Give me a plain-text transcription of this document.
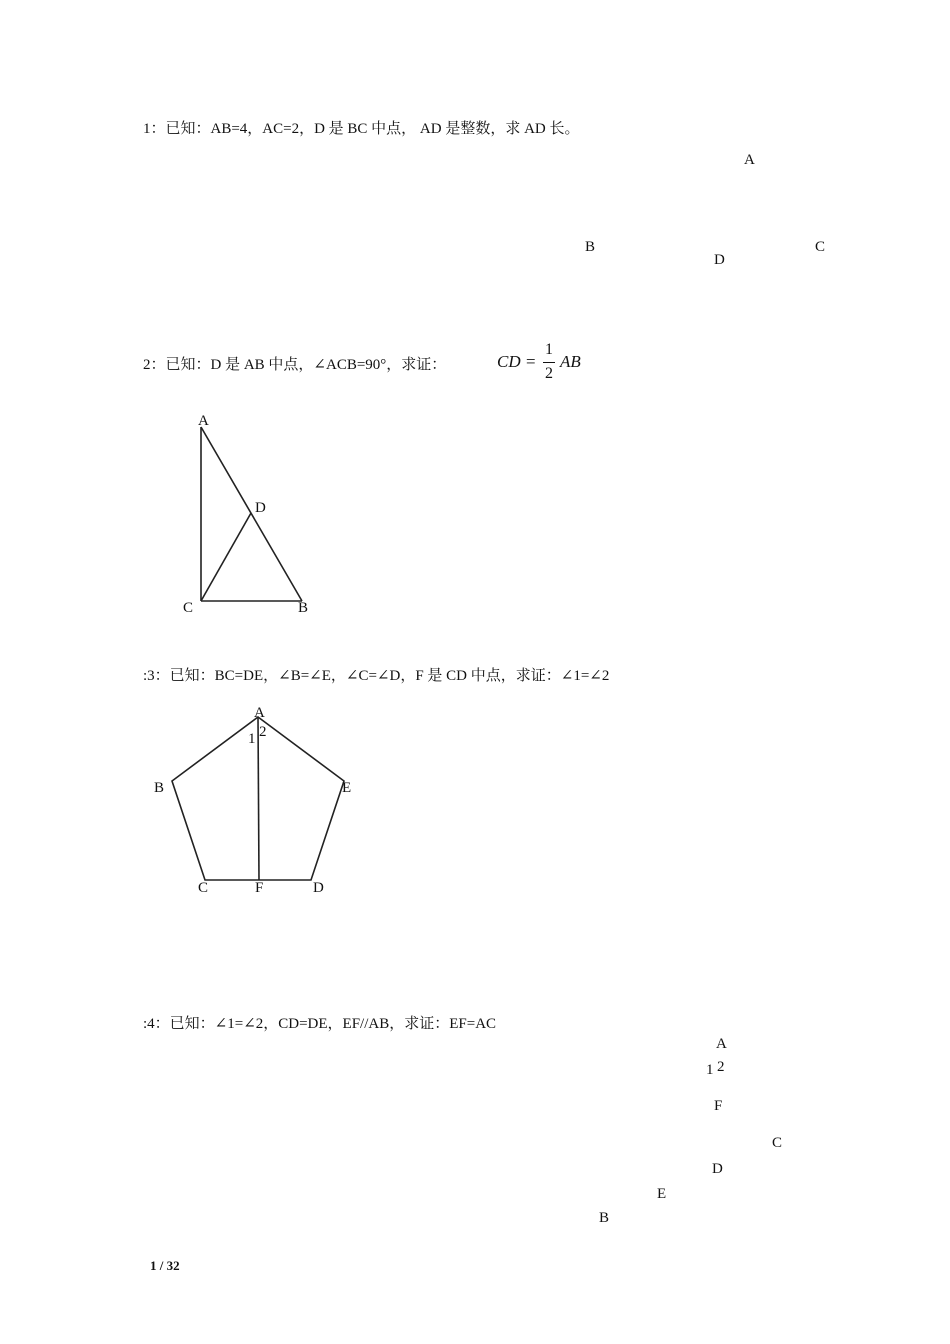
1：已知：AB=4，AC=2，D 是 BC 中点， AD 是整数，求 AD 长。
A
B	C
D
2：已知：D 是 AB 中点，∠ACB=90°，求证：	CD =
1
2
AB
A
D
C	B
:3：已知：BC=DE，∠B=∠E，∠C=∠D，F 是 CD 中点，求证：∠1=∠2
A
2
1
B	E
C	F	D
:4：已知：∠1=∠2，CD=DE，EF//AB，求证：EF=AC
A
2
1
F
C
D
E
B
1 / 32
